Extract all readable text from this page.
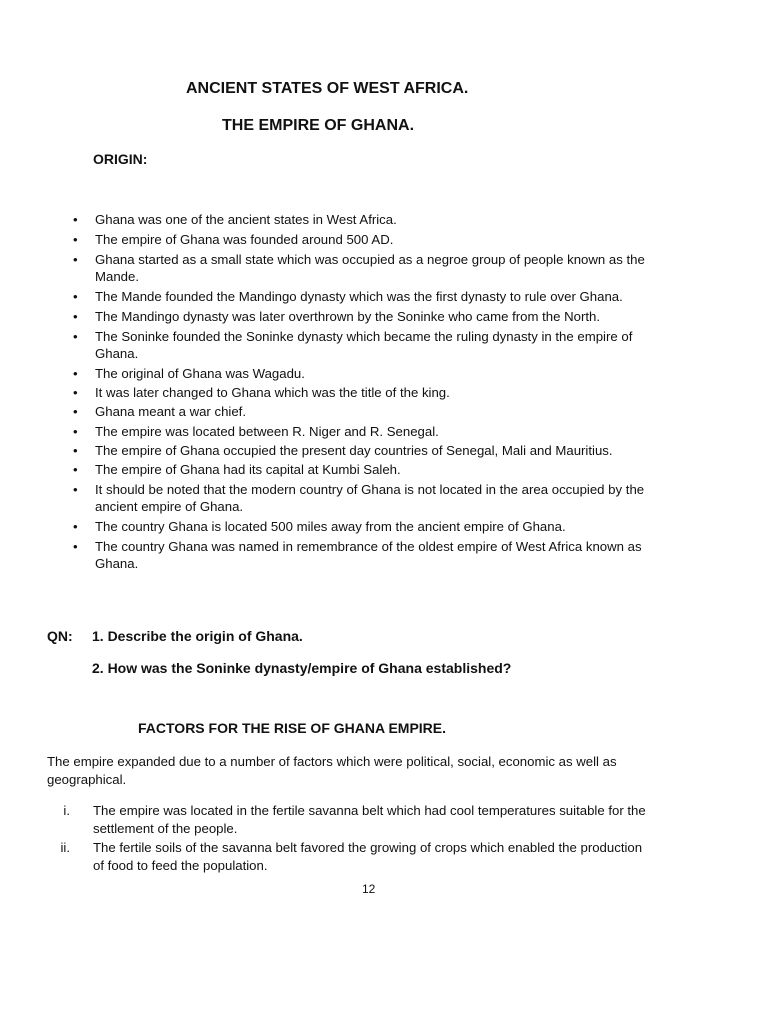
ANCIENT STATES OF WEST AFRICA.
THE EMPIRE OF GHANA.
ORIGIN:
• Ghana was one of the ancient states in West Africa.
• The empire of Ghana was founded around 500 AD.
• Ghana started as a small state which was occupied as a negroe group of people known as the Mande.
• The Mande founded the Mandingo dynasty which was the first dynasty to rule over Ghana.
• The Mandingo dynasty was later overthrown by the Soninke who came from the North.
• The Soninke founded the Soninke dynasty which became the ruling dynasty in the empire of Ghana.
• The original of Ghana was Wagadu.
• It was later changed to Ghana which was the title of the king.
• Ghana meant a war chief.
• The empire was located between R. Niger and R. Senegal.
• The empire of Ghana occupied the present day countries of Senegal, Mali and Mauritius.
• The empire of Ghana had its capital at Kumbi Saleh.
• It should be noted that the modern country of Ghana is not located in the area occupied by the ancient empire of Ghana.
• The country Ghana is located 500 miles away from the ancient empire of Ghana.
• The country Ghana was named in remembrance of the oldest empire of West Africa known as Ghana.
QN: 1. Describe the origin of Ghana.
2. How was the Soninke dynasty/empire of Ghana established?
FACTORS FOR THE RISE OF GHANA EMPIRE.
The empire expanded due to a number of factors which were political, social, economic as well as geographical.
i. The empire was located in the fertile savanna belt which had cool temperatures suitable for the settlement of the people.
ii. The fertile soils of the savanna belt favored the growing of crops which enabled the production of food to feed the population.
12
